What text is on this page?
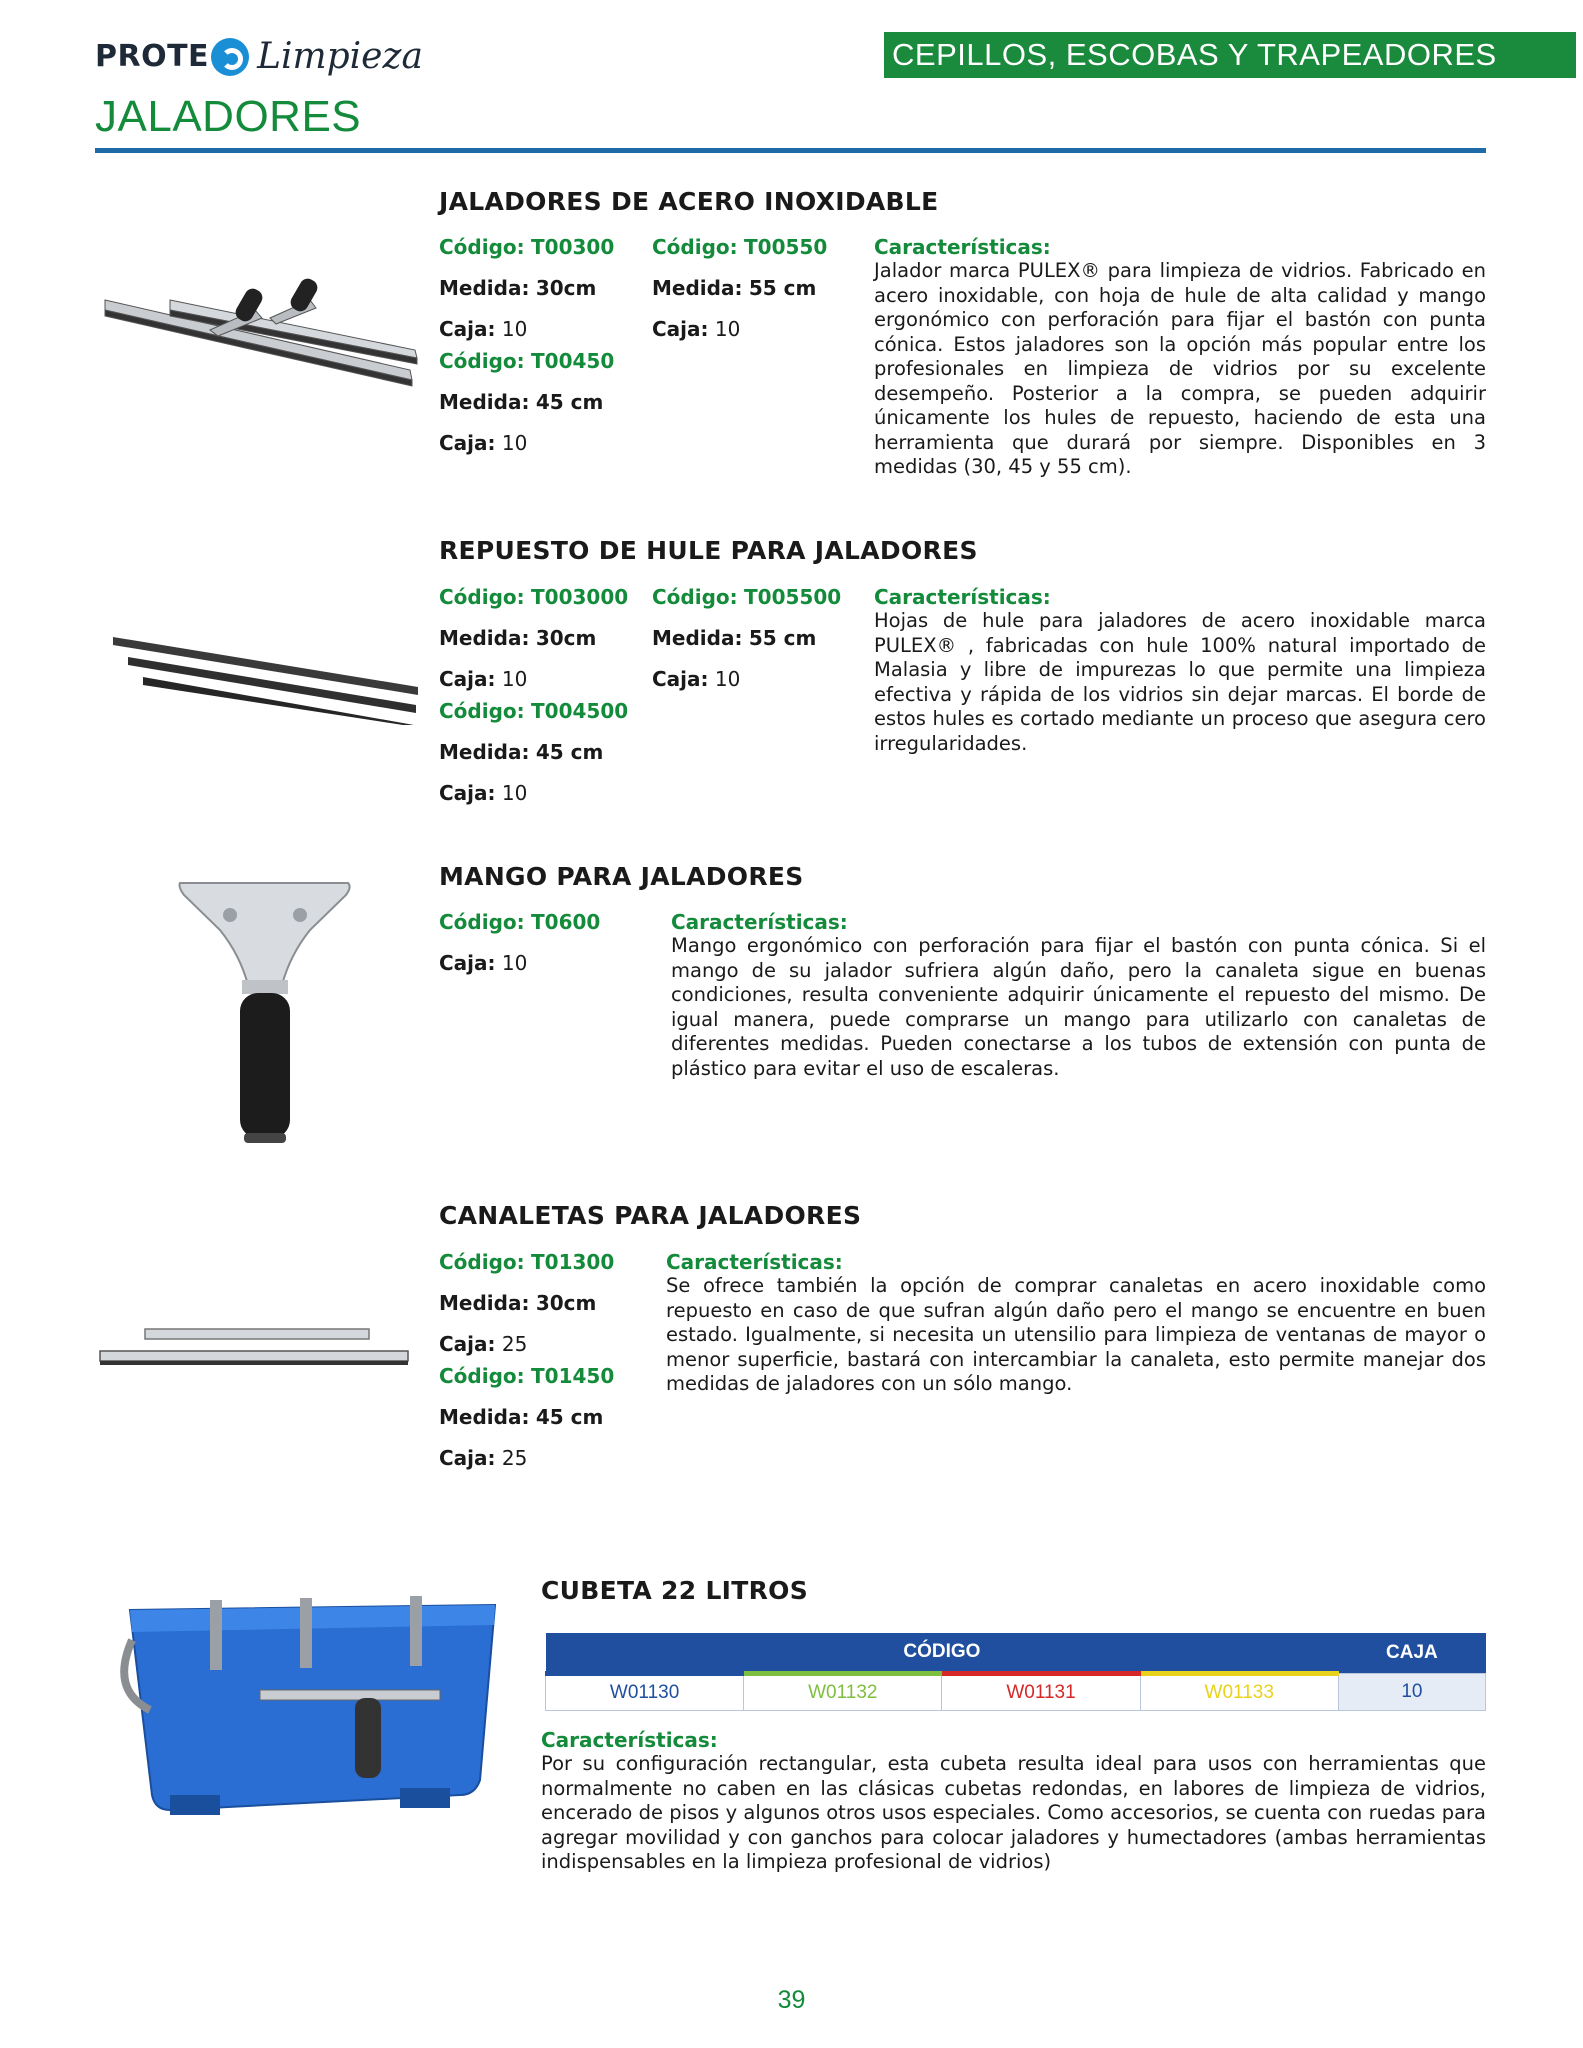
PROTE Limpieza	CEPILLOS, ESCOBAS Y TRAPEADORES
JALADORES
JALADORES DE ACERO INOXIDABLE
Código: T00300
Medida: 30cm
Caja: 10
Código: T00450
Medida: 45 cm
Caja: 10
Código: T00550
Medida: 55 cm
Caja: 10
Características:
Jalador marca PULEX® para limpieza de vidrios. Fabricado en acero inoxidable, con hoja de hule de alta calidad y mango ergonómico con perforación para fijar el bastón con punta cónica. Estos jaladores son la opción más popular entre los profesionales en limpieza de vidrios por su excelente desempeño. Posterior a la compra, se pueden adquirir únicamente los hules de repuesto, haciendo de esta una herramienta que durará por siempre. Disponibles en 3 medidas (30, 45 y 55 cm).
REPUESTO DE HULE PARA JALADORES
Código: T003000
Medida: 30cm
Caja: 10
Código: T004500
Medida: 45 cm
Caja: 10
Código: T005500
Medida: 55 cm
Caja: 10
Características:
Hojas de hule para jaladores de acero inoxidable marca PULEX® , fabricadas con hule 100% natural importado de Malasia y libre de impurezas lo que permite una limpieza efectiva y rápida de los vidrios sin dejar marcas. El borde de estos hules es cortado mediante un proceso que asegura cero irregularidades.
MANGO PARA JALADORES
Código: T0600
Caja: 10
Características:
Mango ergonómico con perforación para fijar el bastón con punta cónica. Si el mango de su jalador sufriera algún daño, pero la canaleta sigue en buenas condiciones, resulta conveniente adquirir únicamente el repuesto del mismo. De igual manera, puede comprarse un mango para utilizarlo con canaletas de diferentes medidas. Pueden conectarse a los tubos de extensión con punta de plástico para evitar el uso de escaleras.
CANALETAS PARA JALADORES
Código: T01300
Medida: 30cm
Caja: 25
Código: T01450
Medida: 45 cm
Caja: 25
Características:
Se ofrece también la opción de comprar canaletas en acero inoxidable como repuesto en caso de que sufran algún daño pero el mango se encuentre en buen estado. Igualmente, si necesita un utensilio para limpieza de ventanas de mayor o menor superficie, bastará con intercambiar la canaleta, esto permite manejar dos medidas de jaladores con un sólo mango.
CUBETA 22 LITROS
CÓDIGO				CAJA
W01130	W01132	W01131	W01133	10
Características:
Por su configuración rectangular, esta cubeta resulta ideal para usos con herramientas que normalmente no caben en las clásicas cubetas redondas, en labores de limpieza de vidrios, encerado de pisos y algunos otros usos especiales. Como accesorios, se cuenta con ruedas para agregar movilidad y con ganchos para colocar jaladores y humectadores (ambas herramientas indispensables en la limpieza profesional de vidrios)
39
